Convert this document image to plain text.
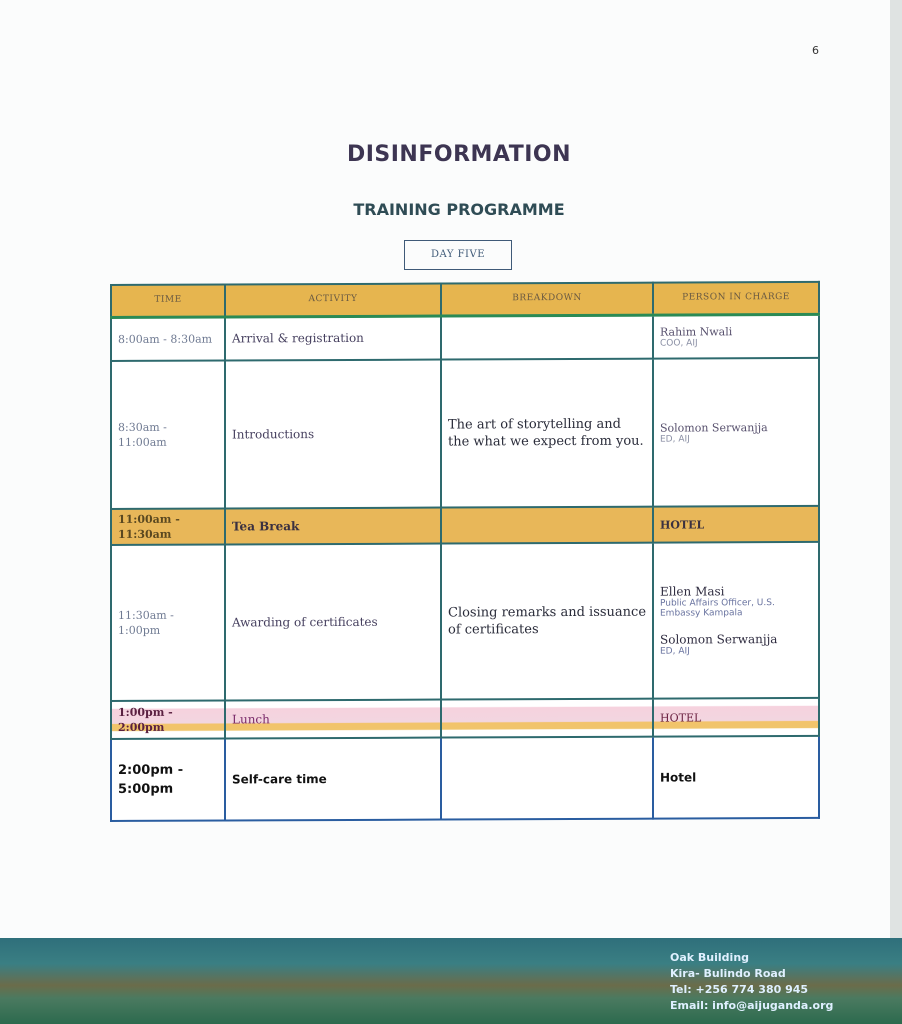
6
DISINFORMATION
TRAINING PROGRAMME
DAY FIVE
TIME	ACTIVITY	BREAKDOWN	PERSON IN CHARGE
8:00am - 8:30am	Arrival & registration		Rahim Nwali
COO, AIJ

8:30am - 11:00am	Introductions	The art of storytelling and the what we expect from you.	Solomon Serwanjja
ED, AIJ

11:00am - 11:30am	Tea Break		HOTEL
11:30am - 1:00pm	Awarding of certificates	Closing remarks and issuance of certificates	Ellen Masi
Public Affairs Officer, U.S. Embassy Kampala
Solomon Serwanjja
ED, AIJ

1:00pm - 2:00pm	Lunch		HOTEL
2:00pm - 5:00pm	Self-care time		Hotel
Oak Building
Kira- Bulindo Road
Tel: +256 774 380 945
Email: info@aijuganda.org
